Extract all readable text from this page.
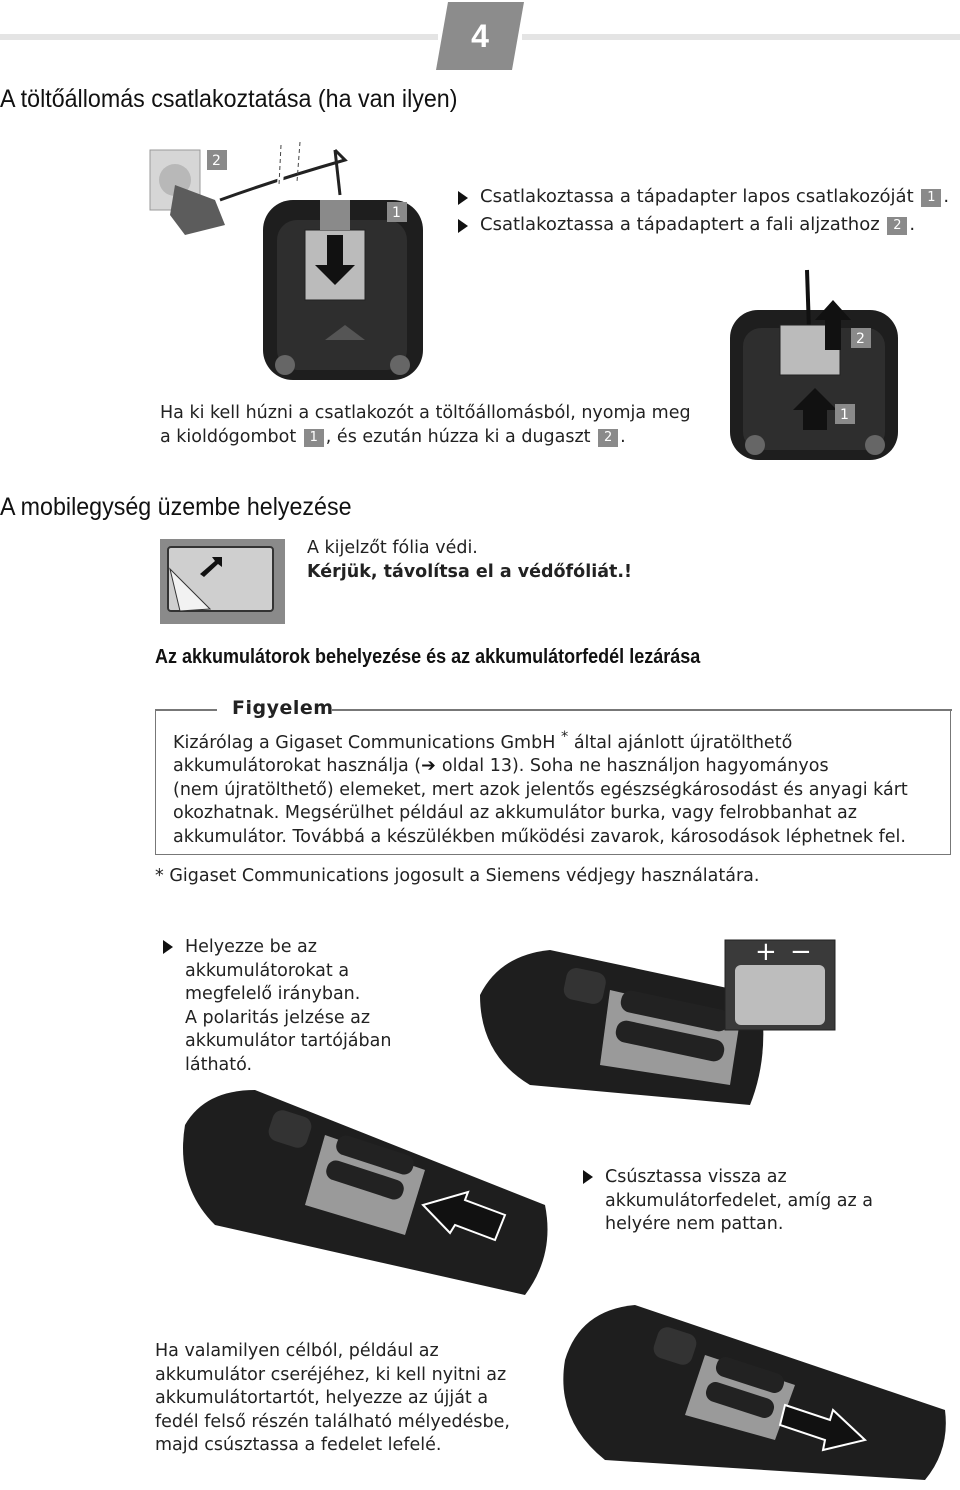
4
A töltőállomás csatlakoztatása (ha van ilyen)
2
1
Csatlakoztassa a tápadapter lapos csatlakozóját 1 .
Csatlakoztassa a tápadaptert a fali aljzathoz 2 .
2
1
Ha ki kell húzni a csatlakozót a töltőállomásból, nyomja meg
a kioldógombot 1 , és ezután húzza ki a dugaszt 2 .
A mobilegység üzembe helyezése
A kijelzőt fólia védi.
Kérjük, távolítsa el a védőfóliát.!
Az akkumulátorok behelyezése és az akkumulátorfedél lezárása
Figyelem
Kizárólag a Gigaset Communications GmbH * által ajánlott újratölthető
akkumulátorokat használja (➔ oldal 13). Soha ne használjon hagyományos
(nem újratölthető) elemeket, mert azok jelentős egészségkárosodást és anyagi kárt
okozhatnak. Megsérülhet például az akkumulátor burka, vagy felrobbanhat az
akkumulátor. Továbbá a készülékben működési zavarok, károsodások léphetnek fel.
* Gigaset Communications jogosult a Siemens védjegy használatára.
Helyezze be az
akkumulátorokat a
megfelelő irányban.
A polaritás jelzése az
akkumulátor tartójában
látható.
+ −
Csúsztassa vissza az
akkumulátorfedelet, amíg az a
helyére nem pattan.
Ha valamilyen célból, például az
akkumulátor cseréjéhez, ki kell nyitni az
akkumulátortartót, helyezze az újját a
fedél felső részén található mélyedésbe,
majd csúsztassa a fedelet lefelé.
